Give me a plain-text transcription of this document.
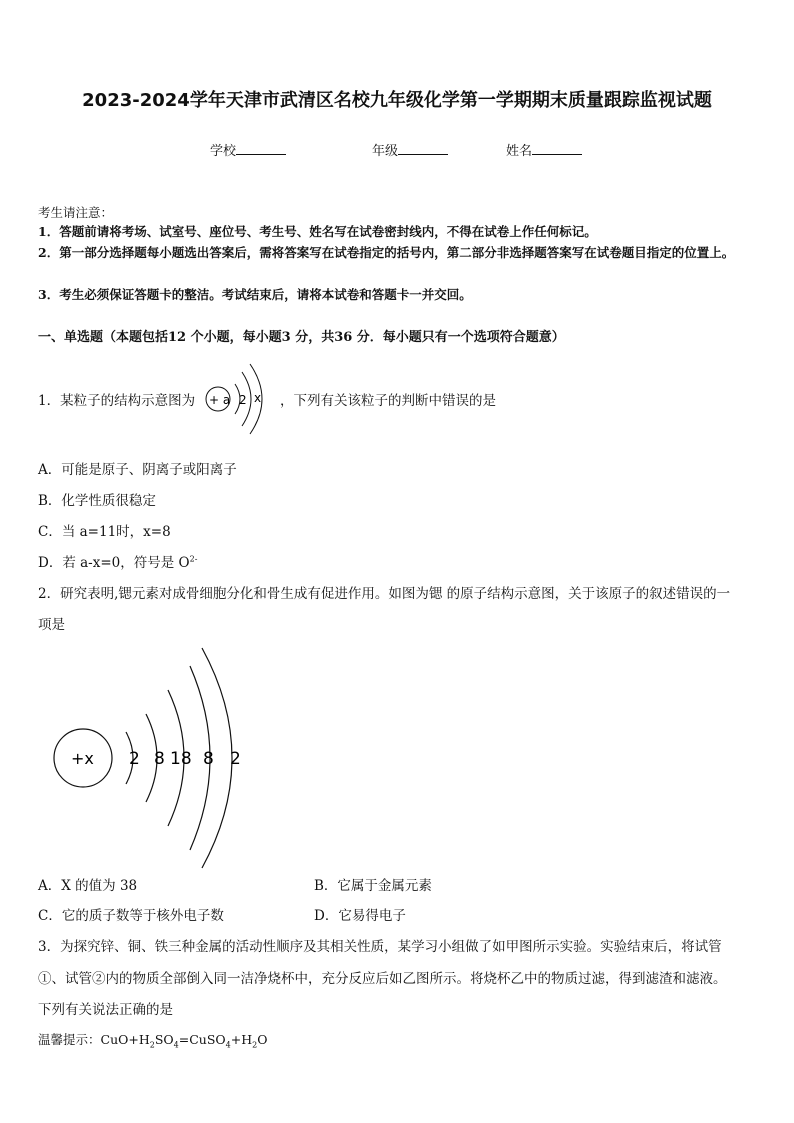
2023-2024学年天津市武清区名校九年级化学第一学期期末质量跟踪监视试题
学校	年级	姓名
考生请注意：
1．答题前请将考场、试室号、座位号、考生号、姓名写在试卷密封线内，不得在试卷上作任何标记。
2．第一部分选择题每小题选出答案后，需将答案写在试卷指定的括号内，第二部分非选择题答案写在试卷题目指定的位置上。
3．考生必须保证答题卡的整洁。考试结束后，请将本试卷和答题卡一并交回。
一、单选题（本题包括12 个小题，每小题3 分，共36 分．每小题只有一个选项符合题意）
1．某粒子的结构示意图为 + a 2 x ，下列有关该粒子的判断中错误的是
A．可能是原子、阴离子或阳离子
B．化学性质很稳定
C．当 a=11时，x=8
D．若 a-x=0，符号是 $O^{2-}$
2．研究表明,锶元素对成骨细胞分化和骨生成有促进作用。如图为锶 的原子结构示意图，关于该原子的叙述错误的一
项是
+x 2 8 18 8 2
A．X 的值为 38	B．它属于金属元素
C．它的质子数等于核外电子数	D．它易得电子
3．为探究锌、铜、铁三种金属的活动性顺序及其相关性质，某学习小组做了如甲图所示实验。实验结束后，将试管
①、试管②内的物质全部倒入同一洁净烧杯中，充分反应后如乙图所示。将烧杯乙中的物质过滤，得到滤渣和滤液。
下列有关说法正确的是
温馨提示：$CuO+H_2SO_4=CuSO_4+H_2O$
